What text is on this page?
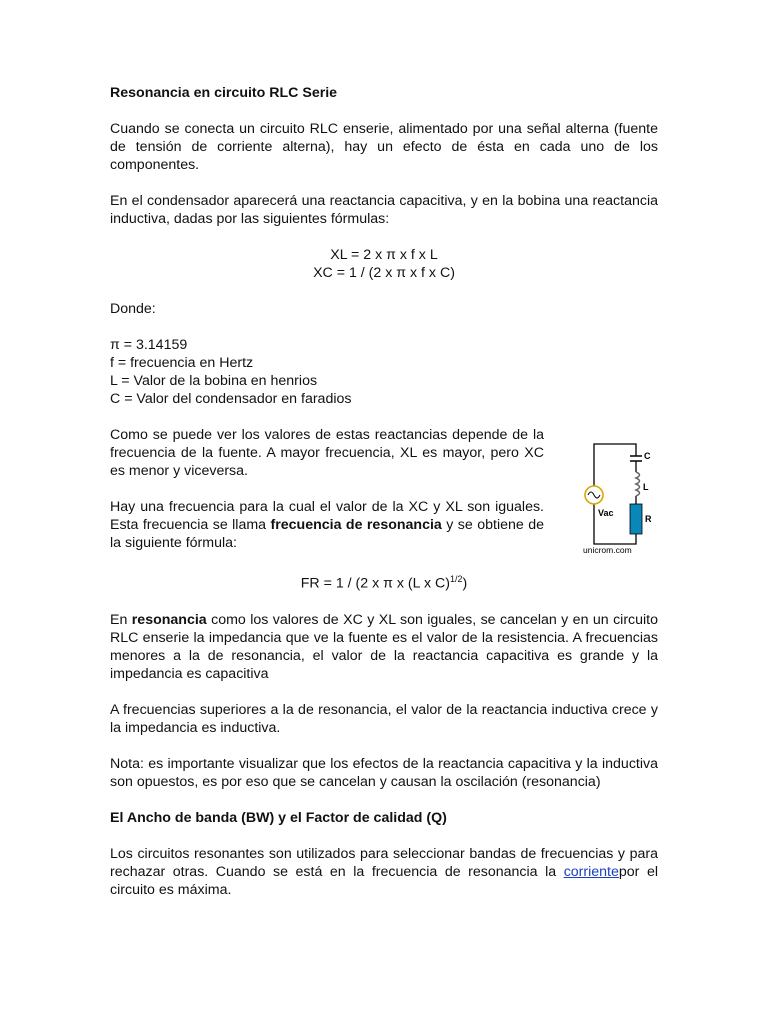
Resonancia en circuito RLC Serie

Cuando se conecta un circuito RLC enserie, alimentado por una señal alterna (fuente de tensión de corriente alterna), hay un efecto de ésta en cada uno de los componentes.

En el condensador aparecerá una reactancia capacitiva, y en la bobina una reactancia inductiva, dadas por las siguientes fórmulas:

XL = 2 x π x f x L

XC = 1 / (2 x π x f x C)

Donde:

π = 3.14159

f = frecuencia en Hertz

L = Valor de la bobina en henrios

C = Valor del condensador en faradios

Como se puede ver los valores de estas reactancias depende de la frecuencia de la fuente. A mayor frecuencia, XL es mayor, pero XC es menor y viceversa.

Hay una frecuencia para la cual el valor de la XC y XL son iguales. Esta frecuencia se llama frecuencia de resonancia y se obtiene de la siguiente fórmula:

FR = 1 / (2 x π x (L x C)$^{1/2}$)

En resonancia como los valores de XC y XL son iguales, se cancelan y en un circuito RLC enserie la impedancia que ve la fuente es el valor de la resistencia. A frecuencias menores a la de resonancia, el valor de la reactancia capacitiva es grande y la impedancia es capacitiva

A frecuencias superiores a la de resonancia, el valor de la reactancia inductiva crece y la impedancia es inductiva.

Nota: es importante visualizar que los efectos de la reactancia capacitiva y la inductiva son opuestos, es por eso que se cancelan y causan la oscilación (resonancia)

El Ancho de banda (BW) y el Factor de calidad (Q)

Los circuitos resonantes son utilizados para seleccionar bandas de frecuencias y para rechazar otras. Cuando se está en la frecuencia de resonancia la corrientepor el circuito es máxima.

C
L
R
Vac
unicrom.com
